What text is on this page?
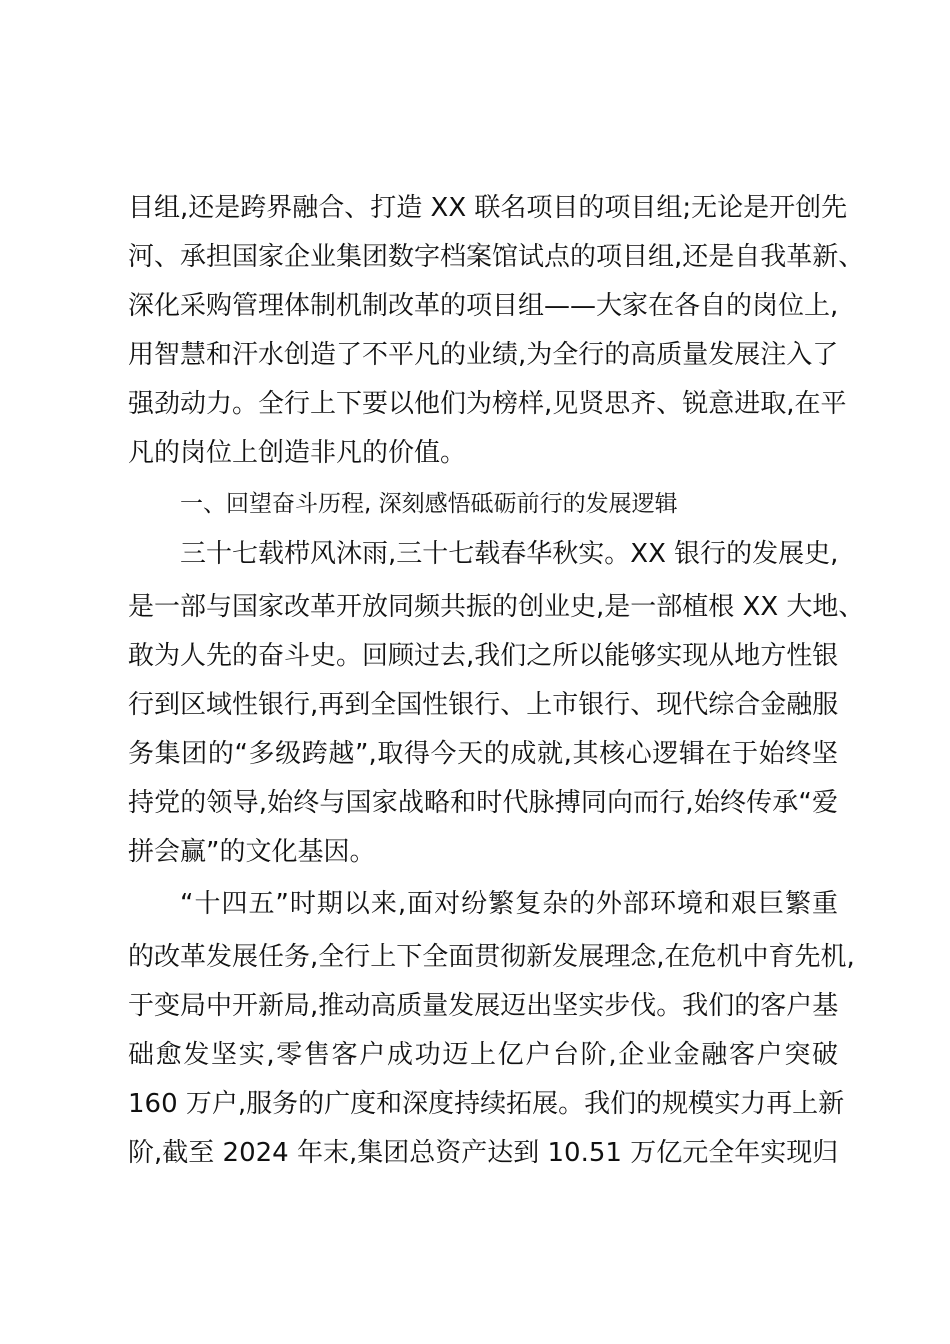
目组,还是跨界融合、打造 XX 联名项目的项目组;无论是开创先
河、承担国家企业集团数字档案馆试点的项目组,还是自我革新、
深化采购管理体制机制改革的项目组——大家在各自的岗位上,
用智慧和汗水创造了不平凡的业绩,为全行的高质量发展注入了
强劲动力。全行上下要以他们为榜样,见贤思齐、锐意进取,在平
凡的岗位上创造非凡的价值。
一、回望奋斗历程, 深刻感悟砥砺前行的发展逻辑
三十七载栉风沐雨,三十七载春华秋实。XX 银行的发展史,
是一部与国家改革开放同频共振的创业史,是一部植根 XX 大地、
敢为人先的奋斗史。回顾过去,我们之所以能够实现从地方性银
行到区域性银行,再到全国性银行、上市银行、现代综合金融服
务集团的“多级跨越”,取得今天的成就,其核心逻辑在于始终坚
持党的领导,始终与国家战略和时代脉搏同向而行,始终传承“爱
拼会赢”的文化基因。
“十四五”时期以来,面对纷繁复杂的外部环境和艰巨繁重
的改革发展任务,全行上下全面贯彻新发展理念,在危机中育先机,
于变局中开新局,推动高质量发展迈出坚实步伐。我们的客户基
础愈发坚实,零售客户成功迈上亿户台阶,企业金融客户突破
160 万户,服务的广度和深度持续拓展。我们的规模实力再上新
阶,截至 2024 年末,集团总资产达到 10.51 万亿元全年实现归
